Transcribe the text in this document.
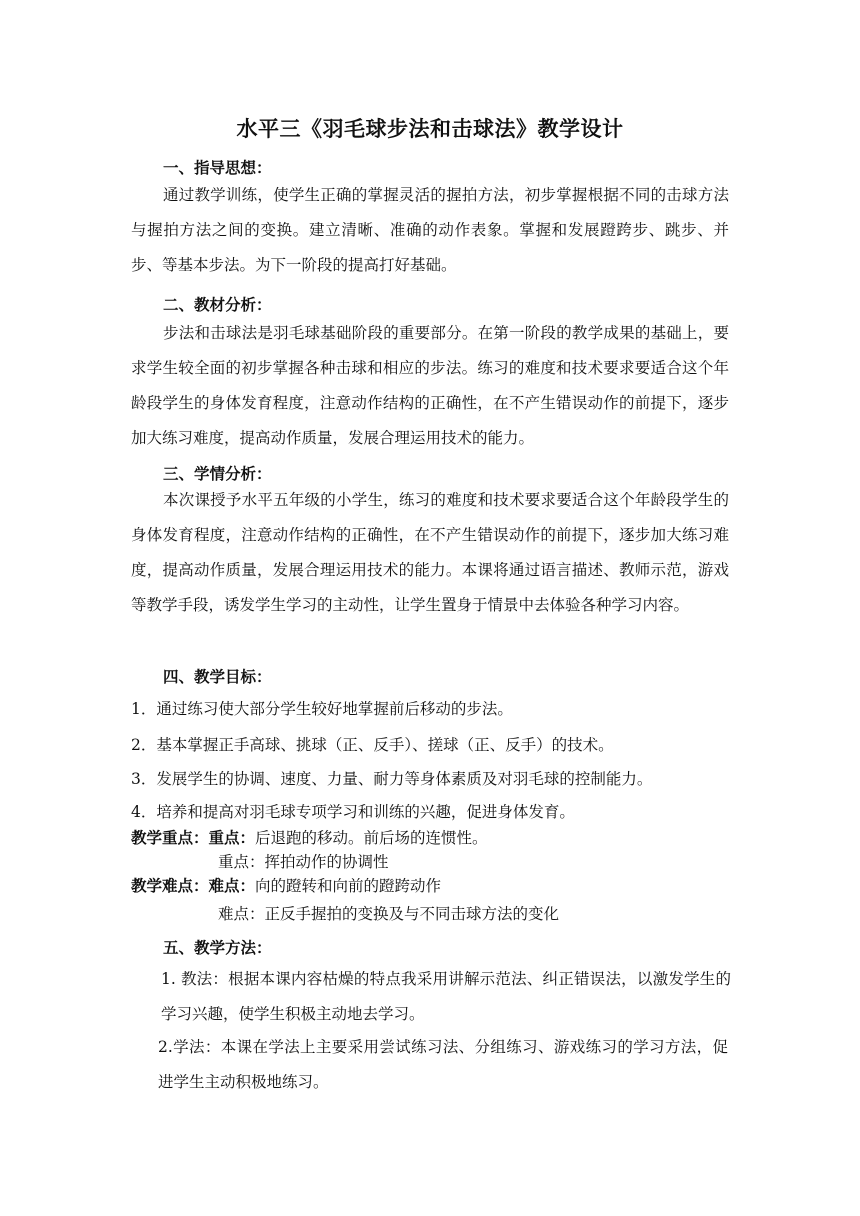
水平三《羽毛球步法和击球法》教学设计
一、指导思想：
通过教学训练，使学生正确的掌握灵活的握拍方法，初步掌握根据不同的击球方法与握拍方法之间的变换。建立清晰、准确的动作表象。掌握和发展蹬跨步、跳步、并步、等基本步法。为下一阶段的提高打好基础。
二、教材分析：
步法和击球法是羽毛球基础阶段的重要部分。在第一阶段的教学成果的基础上，要求学生较全面的初步掌握各种击球和相应的步法。练习的难度和技术要求要适合这个年龄段学生的身体发育程度，注意动作结构的正确性，在不产生错误动作的前提下，逐步加大练习难度，提高动作质量，发展合理运用技术的能力。
三、学情分析：
本次课授予水平五年级的小学生，练习的难度和技术要求要适合这个年龄段学生的身体发育程度，注意动作结构的正确性，在不产生错误动作的前提下，逐步加大练习难度，提高动作质量，发展合理运用技术的能力。本课将通过语言描述、教师示范，游戏等教学手段，诱发学生学习的主动性，让学生置身于情景中去体验各种学习内容。
四、教学目标：
1．通过练习使大部分学生较好地掌握前后移动的步法。
2．基本掌握正手高球、挑球（正、反手）、搓球（正、反手）的技术。
3．发展学生的协调、速度、力量、耐力等身体素质及对羽毛球的控制能力。
4．培养和提高对羽毛球专项学习和训练的兴趣，促进身体发育。
教学重点：重点：后退跑的移动。前后场的连惯性。
重点：挥拍动作的协调性
教学难点：难点：向的蹬转和向前的蹬跨动作
难点：正反手握拍的变换及与不同击球方法的变化
五、教学方法：
1. 教法：根据本课内容枯燥的特点我采用讲解示范法、纠正错误法，以激发学生的学习兴趣，使学生积极主动地去学习。
2.学法：本课在学法上主要采用尝试练习法、分组练习、游戏练习的学习方法，促进学生主动积极地练习。
